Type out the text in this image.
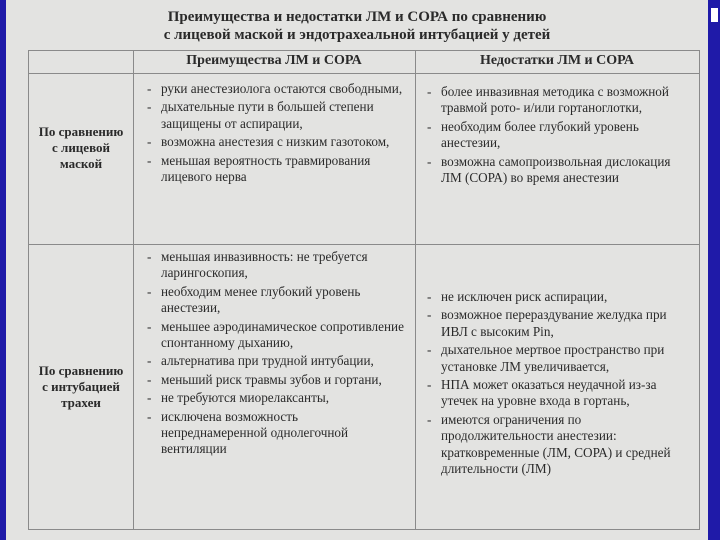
Преимущества и недостатки ЛМ и СОРА по сравнению
с лицевой маской и эндотрахеальной интубацией у детей
Преимущества ЛМ и СОРА	Недостатки ЛМ и СОРА
По сравнению
с лицевой
маской
По сравнению
с интубацией
трахеи
- руки анестезиолога остаются свободными,
- дыхательные пути в большей степени защищены от аспирации,
- возможна анестезия с низким газотоком,
- меньшая вероятность травмирования лицевого нерва
- более инвазивная методика с возможной травмой рото- и/или гортаноглотки,
- необходим более глубокий уровень анестезии,
- возможна самопроизвольная дислокация ЛМ (СОРА) во время анестезии
- меньшая инвазивность: не требуется ларингоскопия,
- необходим менее глубокий уровень анестезии,
- меньшее аэродинамическое сопротивление спонтанному дыханию,
- альтернатива при трудной интубации,
- меньший риск травмы зубов и гортани,
- не требуются миорелаксанты,
- исключена возможность непреднамеренной однолегочной вентиляции
- не исключен риск аспирации,
- возможное перераздувание желудка при ИВЛ с высоким Pin,
- дыхательное мертвое пространство при установке ЛМ увеличивается,
- НПА может оказаться неудачной из-за утечек на уровне входа в гортань,
- имеются ограничения по продолжительности анестезии: кратковременные (ЛМ, СОРА) и средней длительности (ЛМ)
